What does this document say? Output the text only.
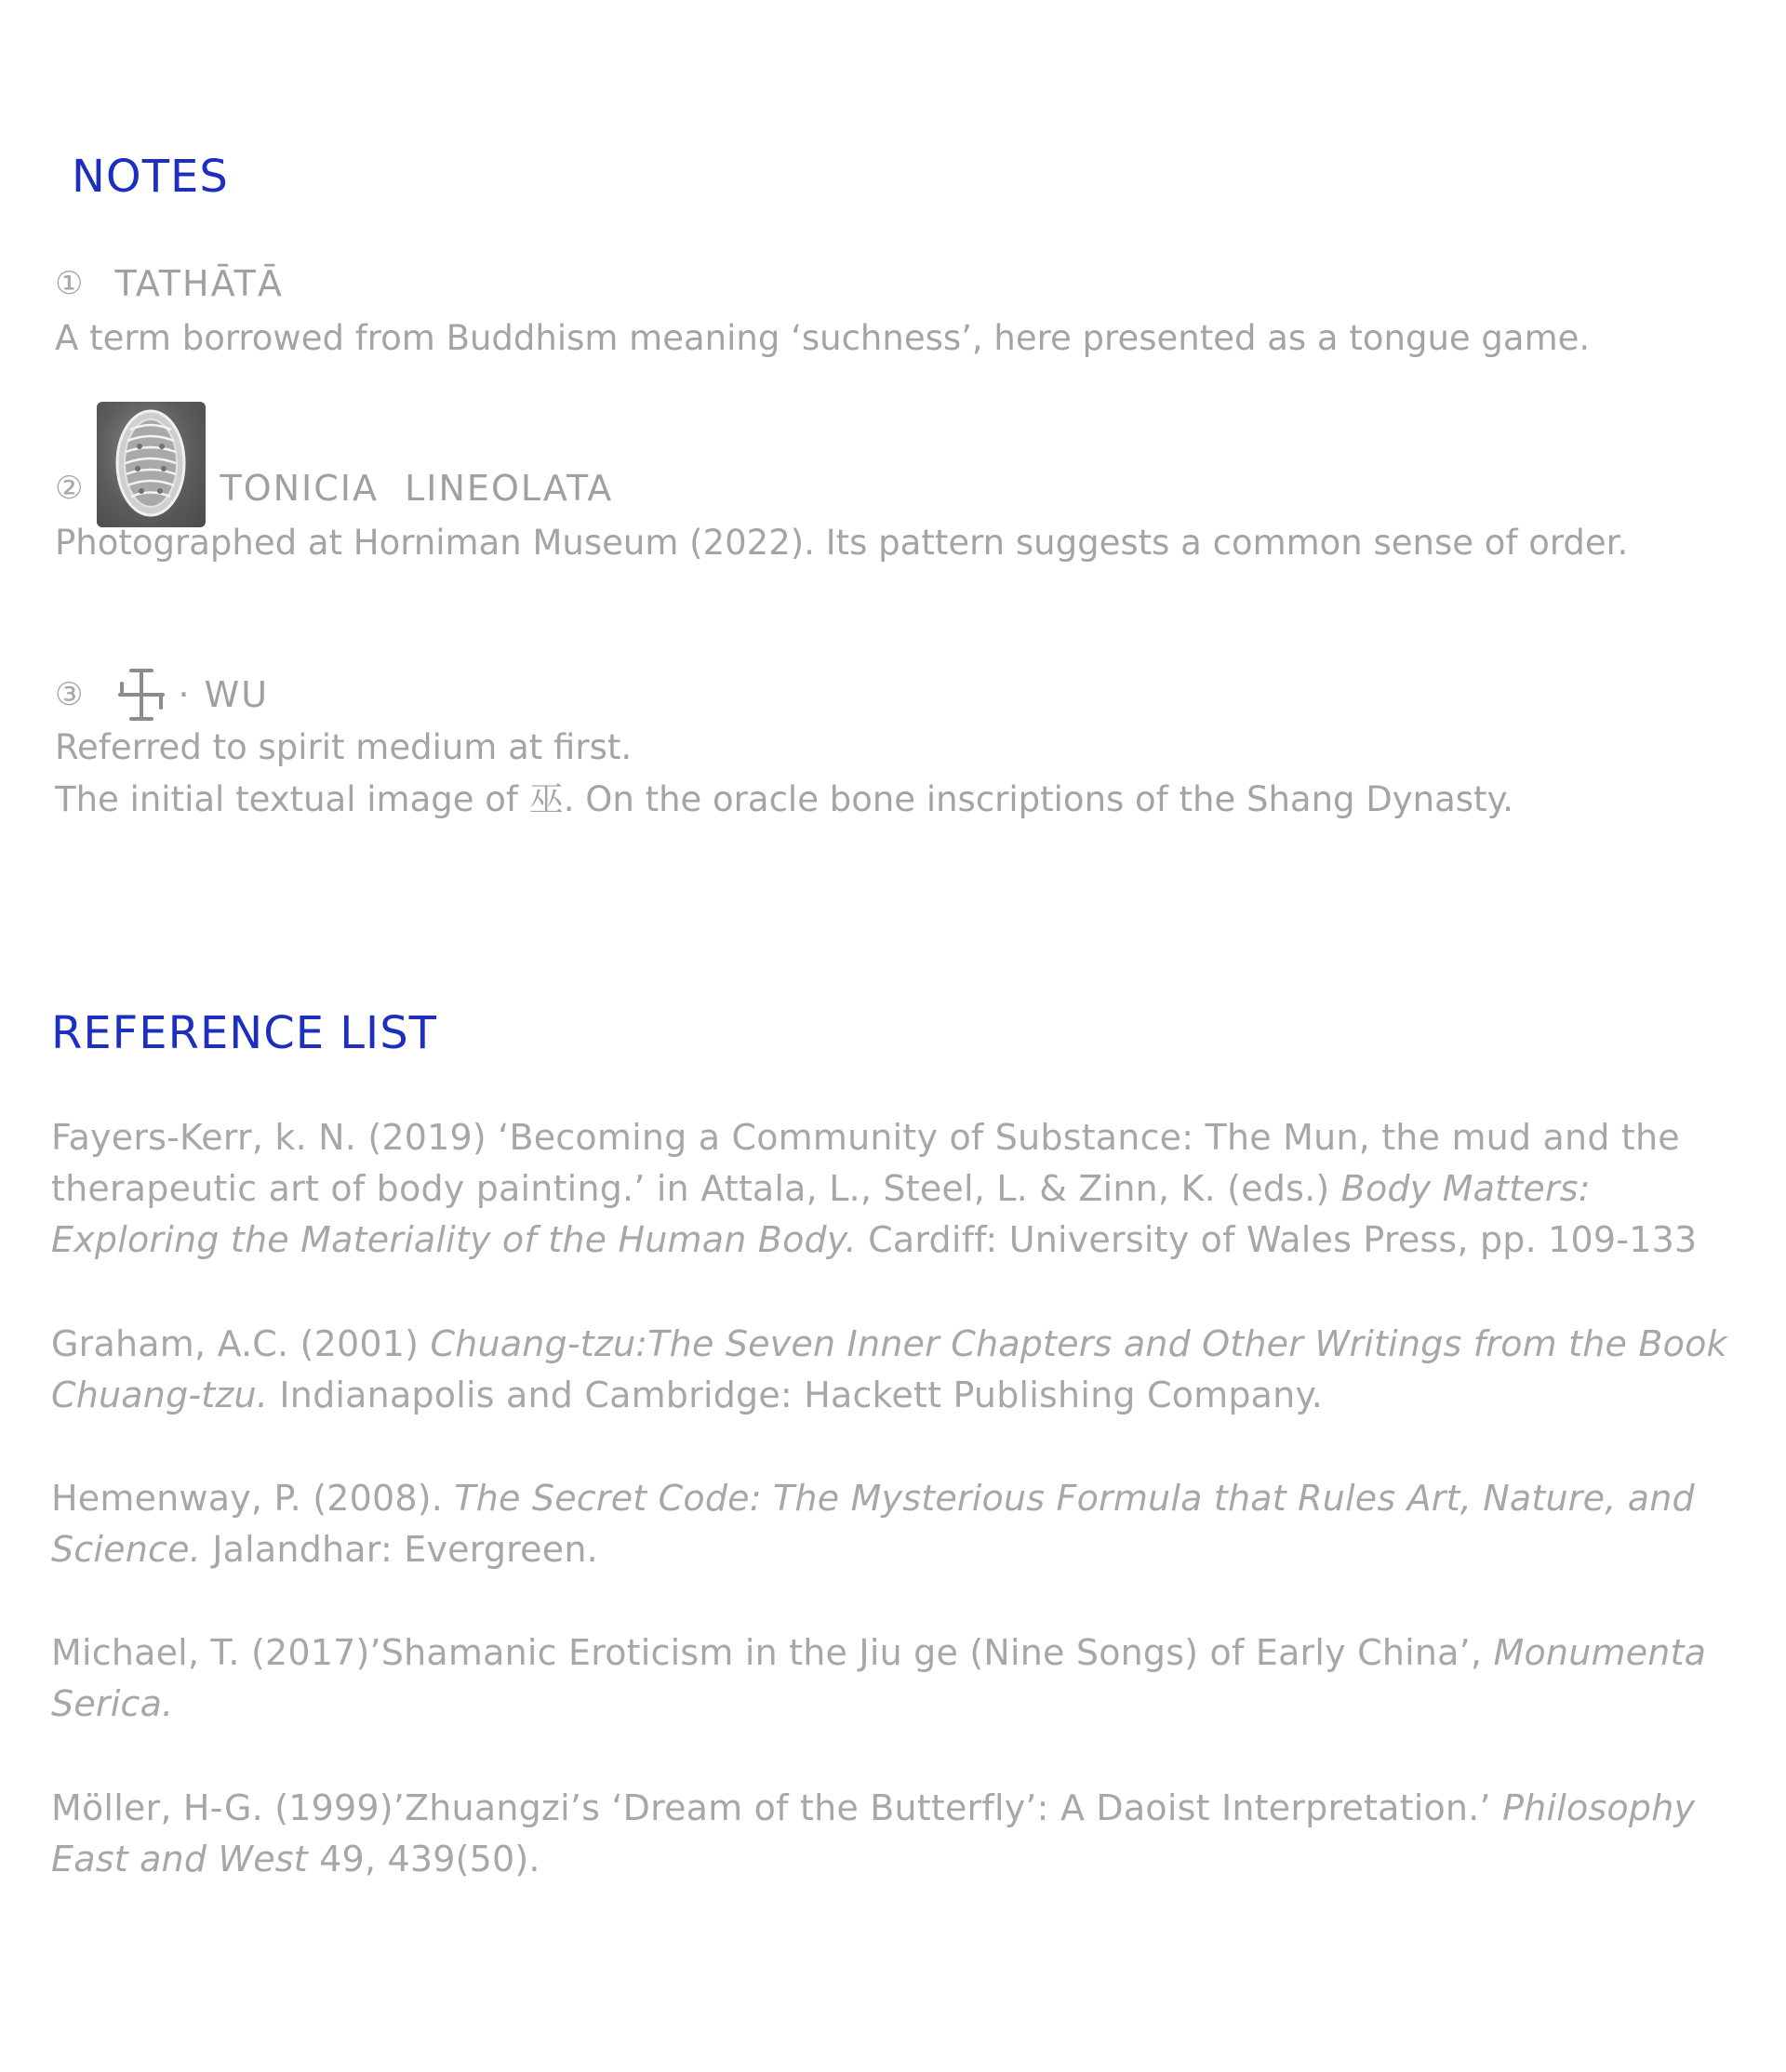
NOTES
① TATHĀTĀ
A term borrowed from Buddhism meaning ‘suchness’, here presented as a tongue game.
②	TONICIA  LINEOLATA
Photographed at Horniman Museum (2022). Its pattern suggests a common sense of order.
③	· WU
Referred to spirit medium at first.
The initial textual image of 巫. On the oracle bone inscriptions of the Shang Dynasty.
REFERENCE LIST

Fayers-Kerr, k. N. (2019) ‘Becoming a Community of Substance: The Mun, the mud and the therapeutic art of body painting.’ in Attala, L., Steel, L. & Zinn, K. (eds.) Body Matters: Exploring the Materiality of the Human Body. Cardiff: University of Wales Press, pp. 109-133

Graham, A.C. (2001) Chuang-tzu:The Seven Inner Chapters and Other Writings from the Book Chuang-tzu. Indianapolis and Cambridge: Hackett Publishing Company.

Hemenway, P. (2008). The Secret Code: The Mysterious Formula that Rules Art, Nature, and Science. Jalandhar: Evergreen.

Michael, T. (2017)’Shamanic Eroticism in the Jiu ge (Nine Songs) of Early China’, Monumenta Serica.

Möller, H-G. (1999)’Zhuangzi’s ‘Dream of the Butterfly’: A Daoist Interpretation.’ Philosophy East and West 49, 439(50).
